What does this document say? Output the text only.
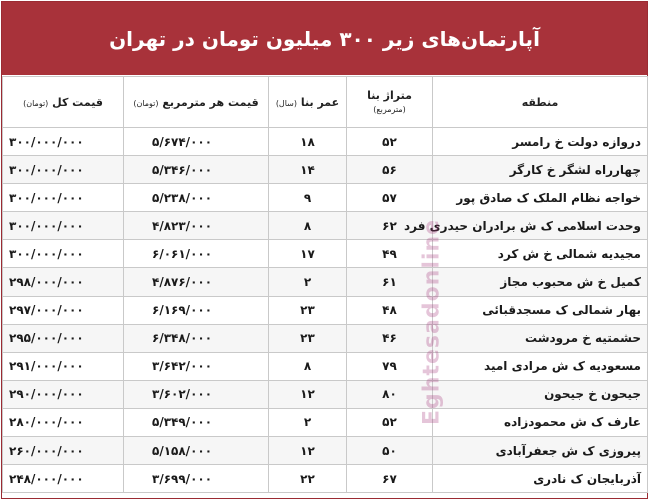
آپارتمان‌های زیر ۳۰۰ میلیون تومان در تهران
منطقه	متراژ بنا (مترمربع)	عمر بنا (سال)	قیمت هر مترمربع (تومان)	قیمت کل (تومان)
دروازه دولت خ رامسر	۵۲	۱۸	۵/۶۷۴/۰۰۰	۳۰۰/۰۰۰/۰۰۰
چهارراه لشگر خ کارگر	۵۶	۱۴	۵/۳۴۶/۰۰۰	۳۰۰/۰۰۰/۰۰۰
خواجه نظام الملک ک صادق پور	۵۷	۹	۵/۲۳۸/۰۰۰	۳۰۰/۰۰۰/۰۰۰
وحدت اسلامی ک ش برادران حیدری فرد	۶۲	۸	۴/۸۲۳/۰۰۰	۳۰۰/۰۰۰/۰۰۰
مجیدیه شمالی خ ش کرد	۴۹	۱۷	۶/۰۶۱/۰۰۰	۳۰۰/۰۰۰/۰۰۰
کمیل خ ش محبوب مجاز	۶۱	۲	۴/۸۷۶/۰۰۰	۲۹۸/۰۰۰/۰۰۰
بهار شمالی ک مسجدقبائی	۴۸	۲۳	۶/۱۶۹/۰۰۰	۲۹۷/۰۰۰/۰۰۰
حشمتیه خ مرودشت	۴۶	۲۳	۶/۳۴۸/۰۰۰	۲۹۵/۰۰۰/۰۰۰
مسعودیه ک ش مرادی امید	۷۹	۸	۳/۶۴۲/۰۰۰	۲۹۱/۰۰۰/۰۰۰
جیحون خ جیحون	۸۰	۱۲	۳/۶۰۲/۰۰۰	۲۹۰/۰۰۰/۰۰۰
عارف ک ش محمودزاده	۵۲	۲	۵/۳۴۹/۰۰۰	۲۸۰/۰۰۰/۰۰۰
پیروزی ک ش جعفرآبادی	۵۰	۱۲	۵/۱۵۸/۰۰۰	۲۶۰/۰۰۰/۰۰۰
آذربایجان ک نادری	۶۷	۲۲	۳/۶۹۹/۰۰۰	۲۴۸/۰۰۰/۰۰۰
Eghtesadonline
